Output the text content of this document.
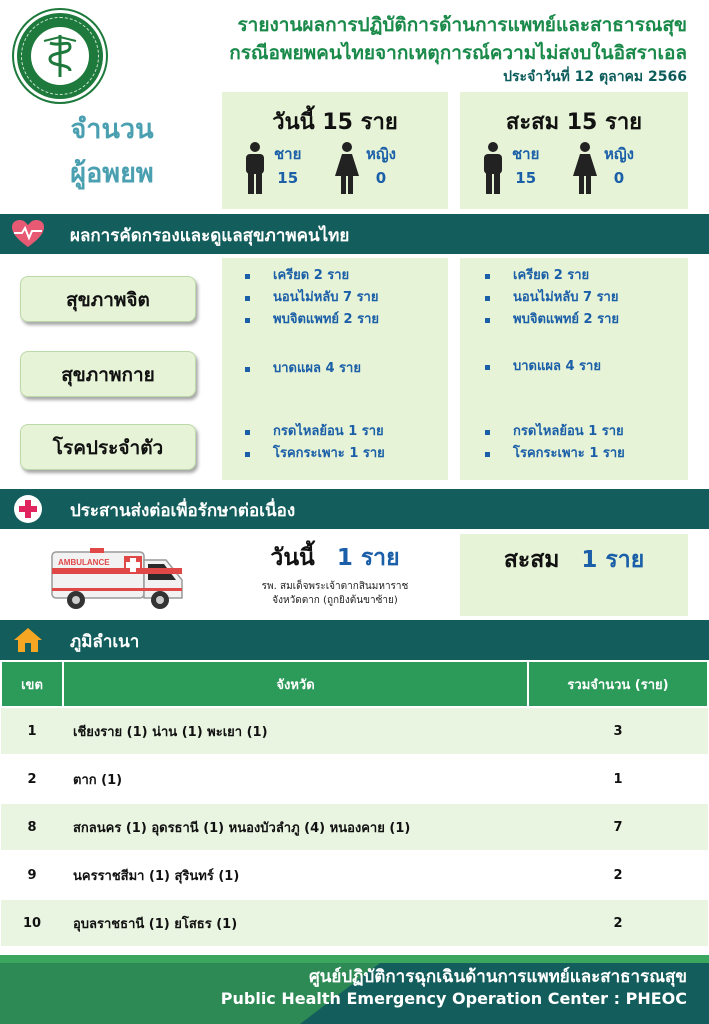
รายงานผลการปฏิบัติการด้านการแพทย์และสาธารณสุข
กรณีอพยพคนไทยจากเหตุการณ์ความไม่สงบในอิสราเอล
ประจำวันที่ 12 ตุลาคม 2566
จำนวน
ผู้อพยพ
วันนี้ 15 ราย
ชาย
15
หญิง
0
สะสม 15 ราย
ชาย
15
หญิง
0
ผลการคัดกรองและดูแลสุขภาพคนไทย
สุขภาพจิต
เครียด 2 ราย
นอนไม่หลับ 7 ราย
พบจิตแพทย์ 2 ราย
เครียด 2 ราย
นอนไม่หลับ 7 ราย
พบจิตแพทย์ 2 ราย
สุขภาพกาย	บาดแผล 4 ราย	บาดแผล 4 ราย
โรคประจำตัว
กรดไหลย้อน 1 ราย
โรคกระเพาะ 1 ราย
กรดไหลย้อน 1 ราย
โรคกระเพาะ 1 ราย
ประสานส่งต่อเพื่อรักษาต่อเนื่อง
AMBULANCE	วันนี้ 1 ราย
รพ. สมเด็จพระเจ้าตากสินมหาราช
จังหวัดตาก (ถูกยิงต้นขาซ้าย)
สะสม 1 ราย
ภูมิลำเนา
เขต	จังหวัด	รวมจำนวน (ราย)
1	เชียงราย (1) น่าน (1) พะเยา (1)	3
2	ตาก (1)	1
8	สกลนคร (1) อุดรธานี (1) หนองบัวลำภู (4) หนองคาย (1)	7
9	นครราชสีมา (1) สุรินทร์ (1)	2
10	อุบลราชธานี (1) ยโสธร (1)	2
ศูนย์ปฏิบัติการฉุกเฉินด้านการแพทย์และสาธารณสุข
Public Health Emergency Operation Center : PHEOC
